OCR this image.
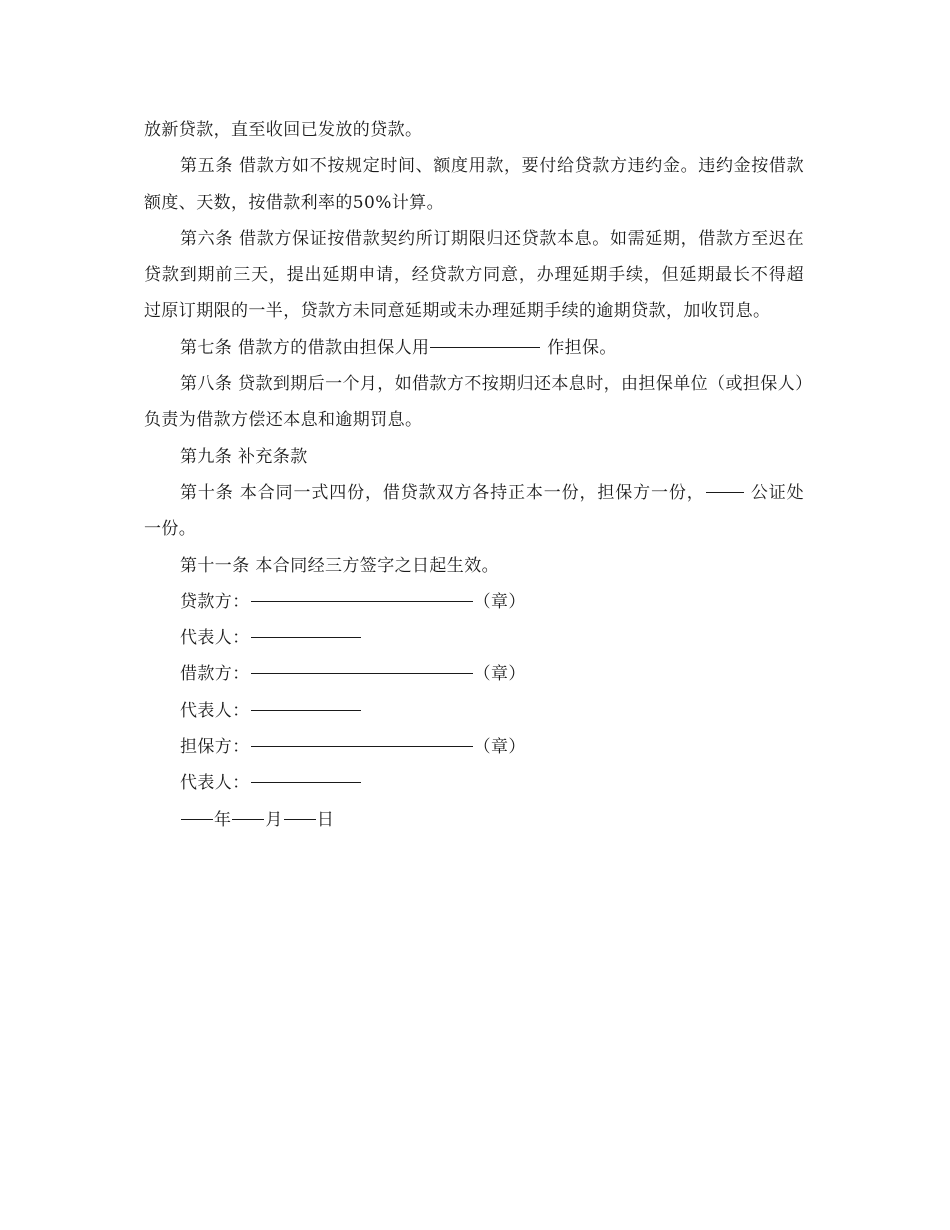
放新贷款，直至收回已发放的贷款。

第五条 借款方如不按规定时间、额度用款，要付给贷款方违约金。违约金按借款额度、天数，按借款利率的50%计算。

第六条 借款方保证按借款契约所订期限归还贷款本息。如需延期，借款方至迟在贷款到期前三天，提出延期申请，经贷款方同意，办理延期手续，但延期最长不得超过原订期限的一半，贷款方未同意延期或未办理延期手续的逾期贷款，加收罚息。

第七条 借款方的借款由担保人用	作担保。

第八条 贷款到期后一个月，如借款方不按期归还本息时，由担保单位（或担保人）负责为借款方偿还本息和逾期罚息。

第九条 补充条款

第十条 本合同一式四份，借贷款双方各持正本一份，担保方一份， 公证处一份。

第十一条 本合同经三方签字之日起生效。

贷款方：	（章）

代表人：

借款方：	（章）

代表人：

担保方：	（章）

代表人：

年 月 日
